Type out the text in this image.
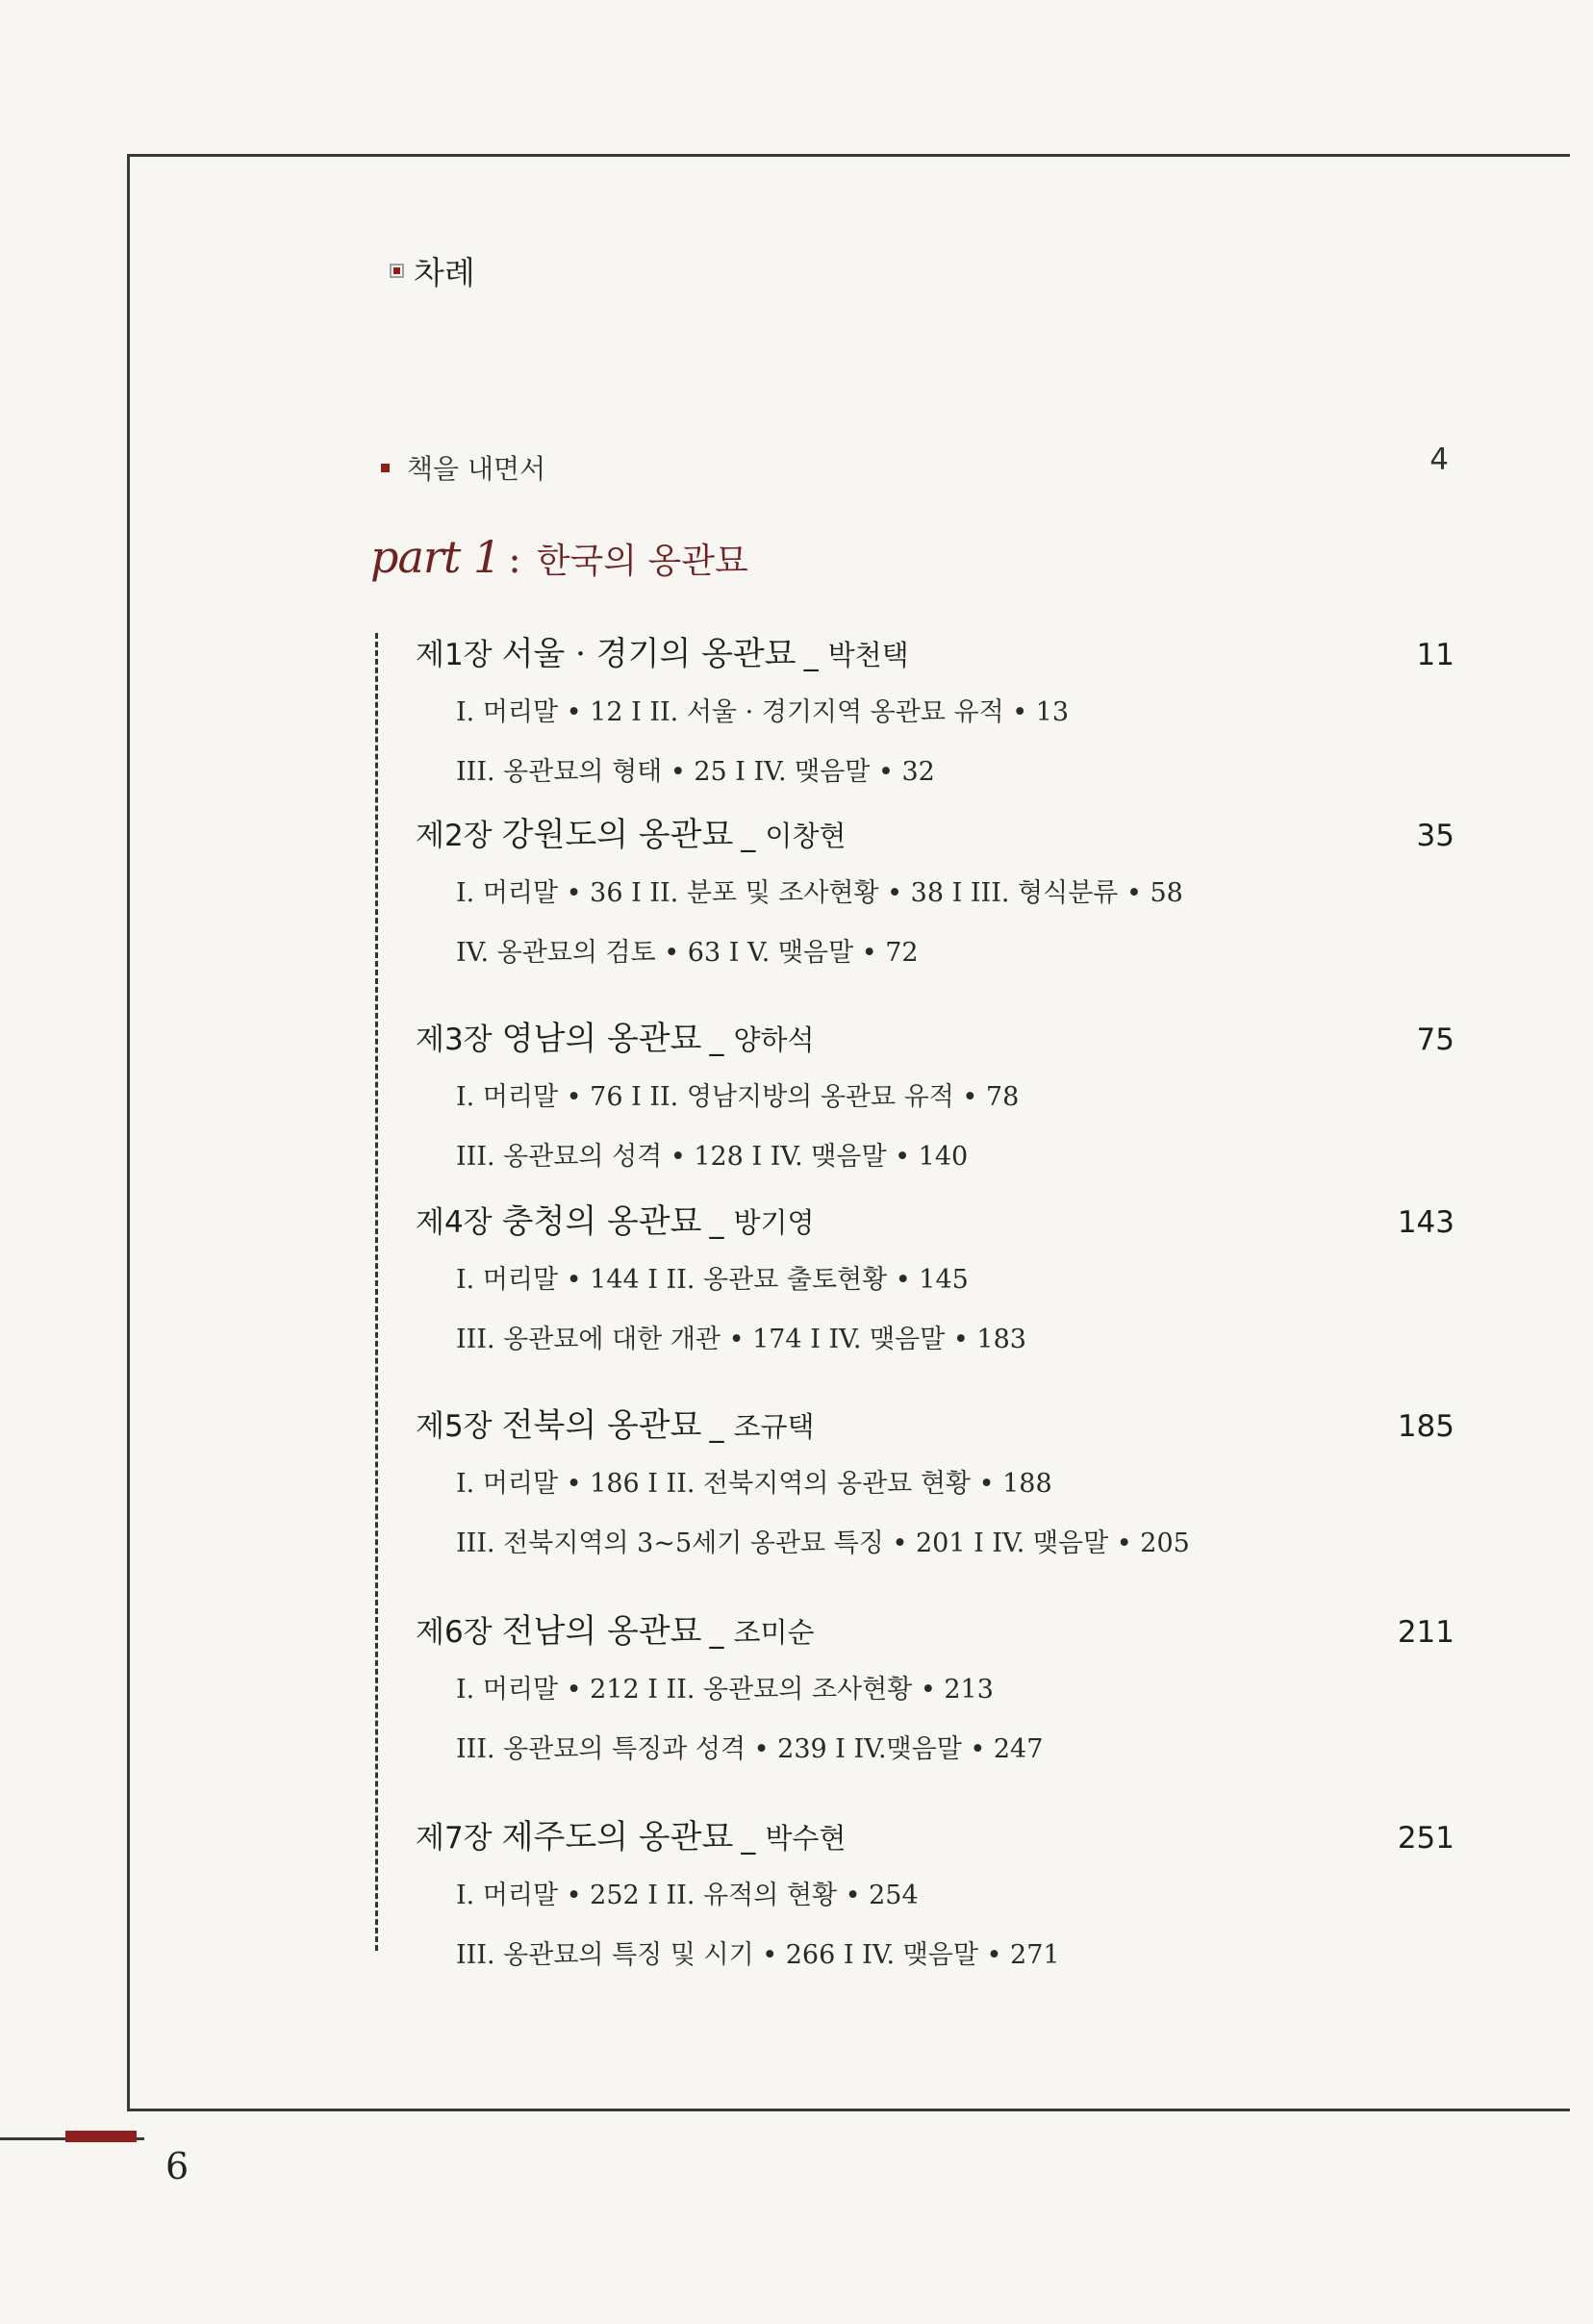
6
차례
책을 내면서	4
part 1 : 한국의 옹관묘
제1장 서울 · 경기의 옹관묘 _ 박천택	11
I. 머리말 • 12 I II. 서울 · 경기지역 옹관묘 유적 • 13
III. 옹관묘의 형태 • 25 I IV. 맺음말 • 32
제2장 강원도의 옹관묘 _ 이창현	35
I. 머리말 • 36 I II. 분포 및 조사현황 • 38 I III. 형식분류 • 58
IV. 옹관묘의 검토 • 63 I V. 맺음말 • 72
제3장 영남의 옹관묘 _ 양하석	75
I. 머리말 • 76 I II. 영남지방의 옹관묘 유적 • 78
III. 옹관묘의 성격 • 128 I IV. 맺음말 • 140
제4장 충청의 옹관묘 _ 방기영	143
I. 머리말 • 144 I II. 옹관묘 출토현황 • 145
III. 옹관묘에 대한 개관 • 174 I IV. 맺음말 • 183
제5장 전북의 옹관묘 _ 조규택	185
I. 머리말 • 186 I II. 전북지역의 옹관묘 현황 • 188
III. 전북지역의 3~5세기 옹관묘 특징 • 201 I IV. 맺음말 • 205
제6장 전남의 옹관묘 _ 조미순	211
I. 머리말 • 212 I II. 옹관묘의 조사현황 • 213
III. 옹관묘의 특징과 성격 • 239 I IV.맺음말 • 247
제7장 제주도의 옹관묘 _ 박수현	251
I. 머리말 • 252 I II. 유적의 현황 • 254
III. 옹관묘의 특징 및 시기 • 266 I IV. 맺음말 • 271
